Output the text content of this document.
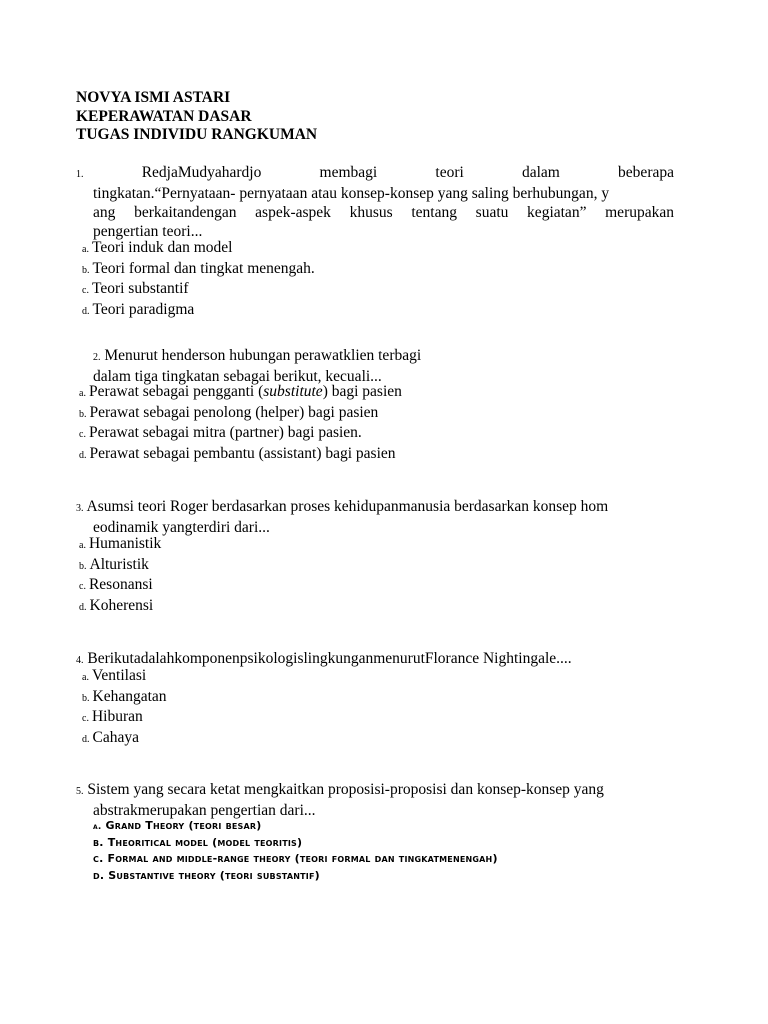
NOVYA ISMI ASTARI
KEPERAWATAN DASAR
TUGAS INDIVIDU RANGKUMAN
1.	RedjaMudyahardjo membagi teori dalam beberapa
tingkatan.“Pernyataan- pernyataan atau konsep-konsep yang saling berhubungan, y
ang berkaitandengan aspek-aspek khusus tentang suatu kegiatan” merupakan
pengertian teori...
a. Teori induk dan model
b. Teori formal dan tingkat menengah.
c. Teori substantif
d. Teori paradigma
2. Menurut henderson hubungan perawatklien terbagi
dalam tiga tingkatan sebagai berikut, kecuali...
a. Perawat sebagai pengganti (substitute) bagi pasien
b. Perawat sebagai penolong (helper) bagi pasien
c. Perawat sebagai mitra (partner) bagi pasien.
d. Perawat sebagai pembantu (assistant) bagi pasien
3. Asumsi teori Roger berdasarkan proses kehidupanmanusia berdasarkan konsep hom
eodinamik yangterdiri dari...
a. Humanistik
b. Alturistik
c. Resonansi
d. Koherensi
4. BerikutadalahkomponenpsikologislingkunganmenurutFlorance Nightingale....
a. Ventilasi
b. Kehangatan
c. Hiburan
d. Cahaya
5. Sistem yang secara ketat mengkaitkan proposisi-proposisi dan konsep-konsep yang
abstrakmerupakan pengertian dari...
a. Grand Theory (teori besar)
b. Theoritical model (model teoritis)
c. Formal and middle-range theory (teori formal dan tingkatmenengah)
d. Substantive theory (teori substantif)
